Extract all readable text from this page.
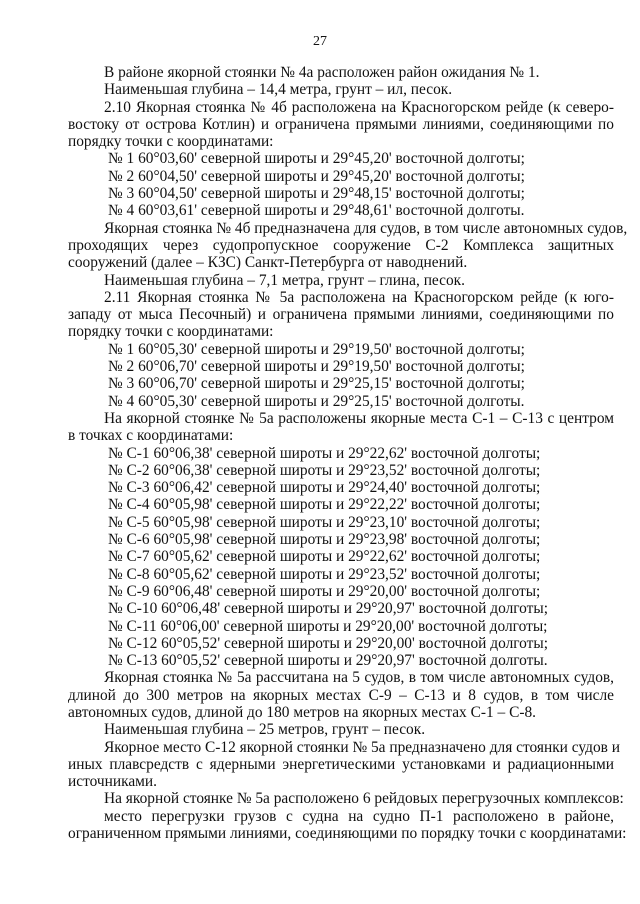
27
В районе якорной стоянки № 4а расположен район ожидания № 1.
Наименьшая глубина – 14,4 метра, грунт – ил, песок.
2.10 Якорная стоянка № 4б расположена на Красногорском рейде (к северо-
востоку от острова Котлин) и ограничена прямыми линиями, соединяющими по
порядку точки с координатами:
№ 1 60°03,60' северной широты и 29°45,20' восточной долготы;
№ 2 60°04,50' северной широты и 29°45,20' восточной долготы;
№ 3 60°04,50' северной широты и 29°48,15' восточной долготы;
№ 4 60°03,61' северной широты и 29°48,61' восточной долготы.
Якорная стоянка № 4б предназначена для судов, в том числе автономных судов,
проходящих через судопропускное сооружение С-2 Комплекса защитных
сооружений (далее – КЗС) Санкт-Петербурга от наводнений.
Наименьшая глубина – 7,1 метра, грунт – глина, песок.
2.11 Якорная стоянка № 5а расположена на Красногорском рейде (к юго-
западу от мыса Песочный) и ограничена прямыми линиями, соединяющими по
порядку точки с координатами:
№ 1 60°05,30' северной широты и 29°19,50' восточной долготы;
№ 2 60°06,70' северной широты и 29°19,50' восточной долготы;
№ 3 60°06,70' северной широты и 29°25,15' восточной долготы;
№ 4 60°05,30' северной широты и 29°25,15' восточной долготы.
На якорной стоянке № 5а расположены якорные места С-1 – С-13 с центром
в точках с координатами:
№ С-1 60°06,38' северной широты и 29°22,62' восточной долготы;
№ С-2 60°06,38' северной широты и 29°23,52' восточной долготы;
№ С-3 60°06,42' северной широты и 29°24,40' восточной долготы;
№ С-4 60°05,98' северной широты и 29°22,22' восточной долготы;
№ С-5 60°05,98' северной широты и 29°23,10' восточной долготы;
№ С-6 60°05,98' северной широты и 29°23,98' восточной долготы;
№ С-7 60°05,62' северной широты и 29°22,62' восточной долготы;
№ С-8 60°05,62' северной широты и 29°23,52' восточной долготы;
№ С-9 60°06,48' северной широты и 29°20,00' восточной долготы;
№ С-10 60°06,48' северной широты и 29°20,97' восточной долготы;
№ С-11 60°06,00' северной широты и 29°20,00' восточной долготы;
№ С-12 60°05,52' северной широты и 29°20,00' восточной долготы;
№ С-13 60°05,52' северной широты и 29°20,97' восточной долготы.
Якорная стоянка № 5а рассчитана на 5 судов, в том числе автономных судов,
длиной до 300 метров на якорных местах С-9 – С-13 и 8 судов, в том числе
автономных судов, длиной до 180 метров на якорных местах С-1 – С-8.
Наименьшая глубина – 25 метров, грунт – песок.
Якорное место С-12 якорной стоянки № 5а предназначено для стоянки судов и
иных плавсредств с ядерными энергетическими установками и радиационными
источниками.
На якорной стоянке № 5а расположено 6 рейдовых перегрузочных комплексов:
место перегрузки грузов с судна на судно П-1 расположено в районе,
ограниченном прямыми линиями, соединяющими по порядку точки с координатами:
